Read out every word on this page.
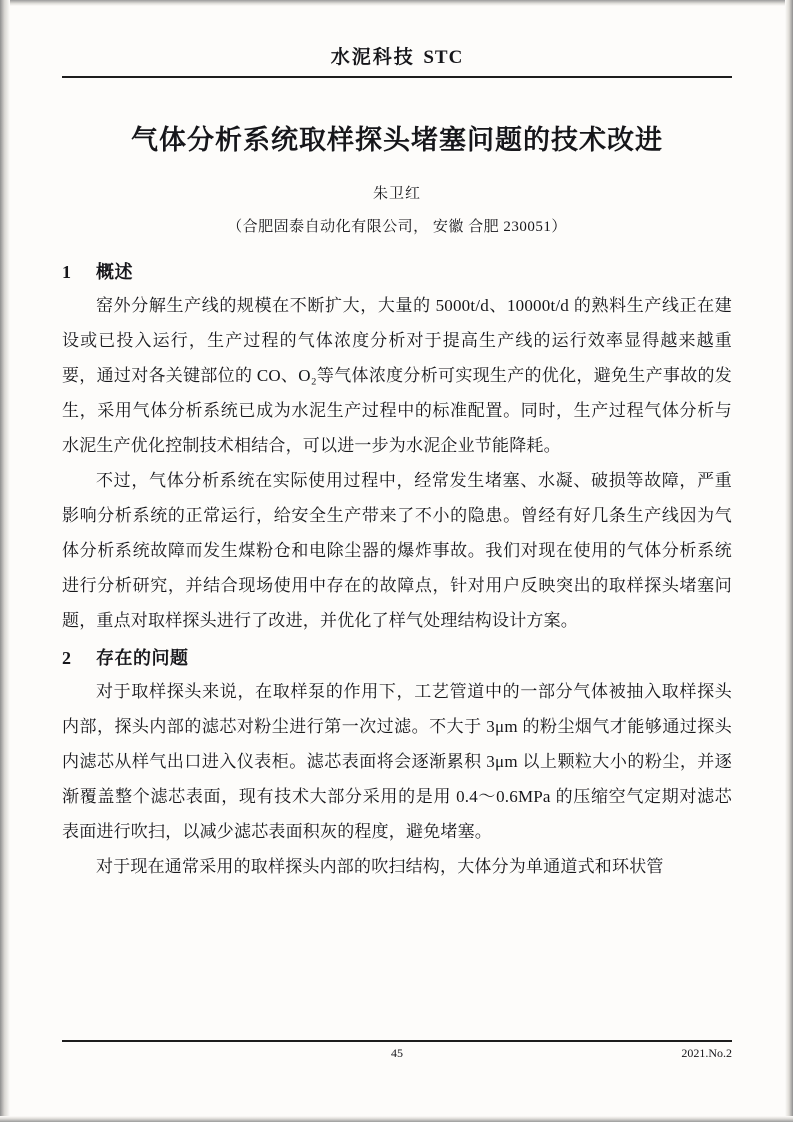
水泥科技 STC
气体分析系统取样探头堵塞问题的技术改进
朱卫红
（合肥固泰自动化有限公司， 安徽 合肥 230051）
1 概述

窑外分解生产线的规模在不断扩大，大量的 5000t/d、10000t/d 的熟料生产线正在建设或已投入运行，生产过程的气体浓度分析对于提高生产线的运行效率显得越来越重要，通过对各关键部位的 CO、O₂等气体浓度分析可实现生产的优化，避免生产事故的发生，采用气体分析系统已成为水泥生产过程中的标准配置。同时，生产过程气体分析与水泥生产优化控制技术相结合，可以进一步为水泥企业节能降耗。

不过，气体分析系统在实际使用过程中，经常发生堵塞、水凝、破损等故障，严重影响分析系统的正常运行，给安全生产带来了不小的隐患。曾经有好几条生产线因为气体分析系统故障而发生煤粉仓和电除尘器的爆炸事故。我们对现在使用的气体分析系统进行分析研究，并结合现场使用中存在的故障点，针对用户反映突出的取样探头堵塞问题，重点对取样探头进行了改进，并优化了样气处理结构设计方案。

2 存在的问题

对于取样探头来说，在取样泵的作用下，工艺管道中的一部分气体被抽入取样探头内部，探头内部的滤芯对粉尘进行第一次过滤。不大于 3μm 的粉尘烟气才能够通过探头内滤芯从样气出口进入仪表柜。滤芯表面将会逐渐累积 3μm 以上颗粒大小的粉尘，并逐渐覆盖整个滤芯表面，现有技术大部分采用的是用 0.4～0.6MPa 的压缩空气定期对滤芯表面进行吹扫，以减少滤芯表面积灰的程度，避免堵塞。

对于现在通常采用的取样探头内部的吹扫结构，大体分为单通道式和环状管

45	2021.No.2
